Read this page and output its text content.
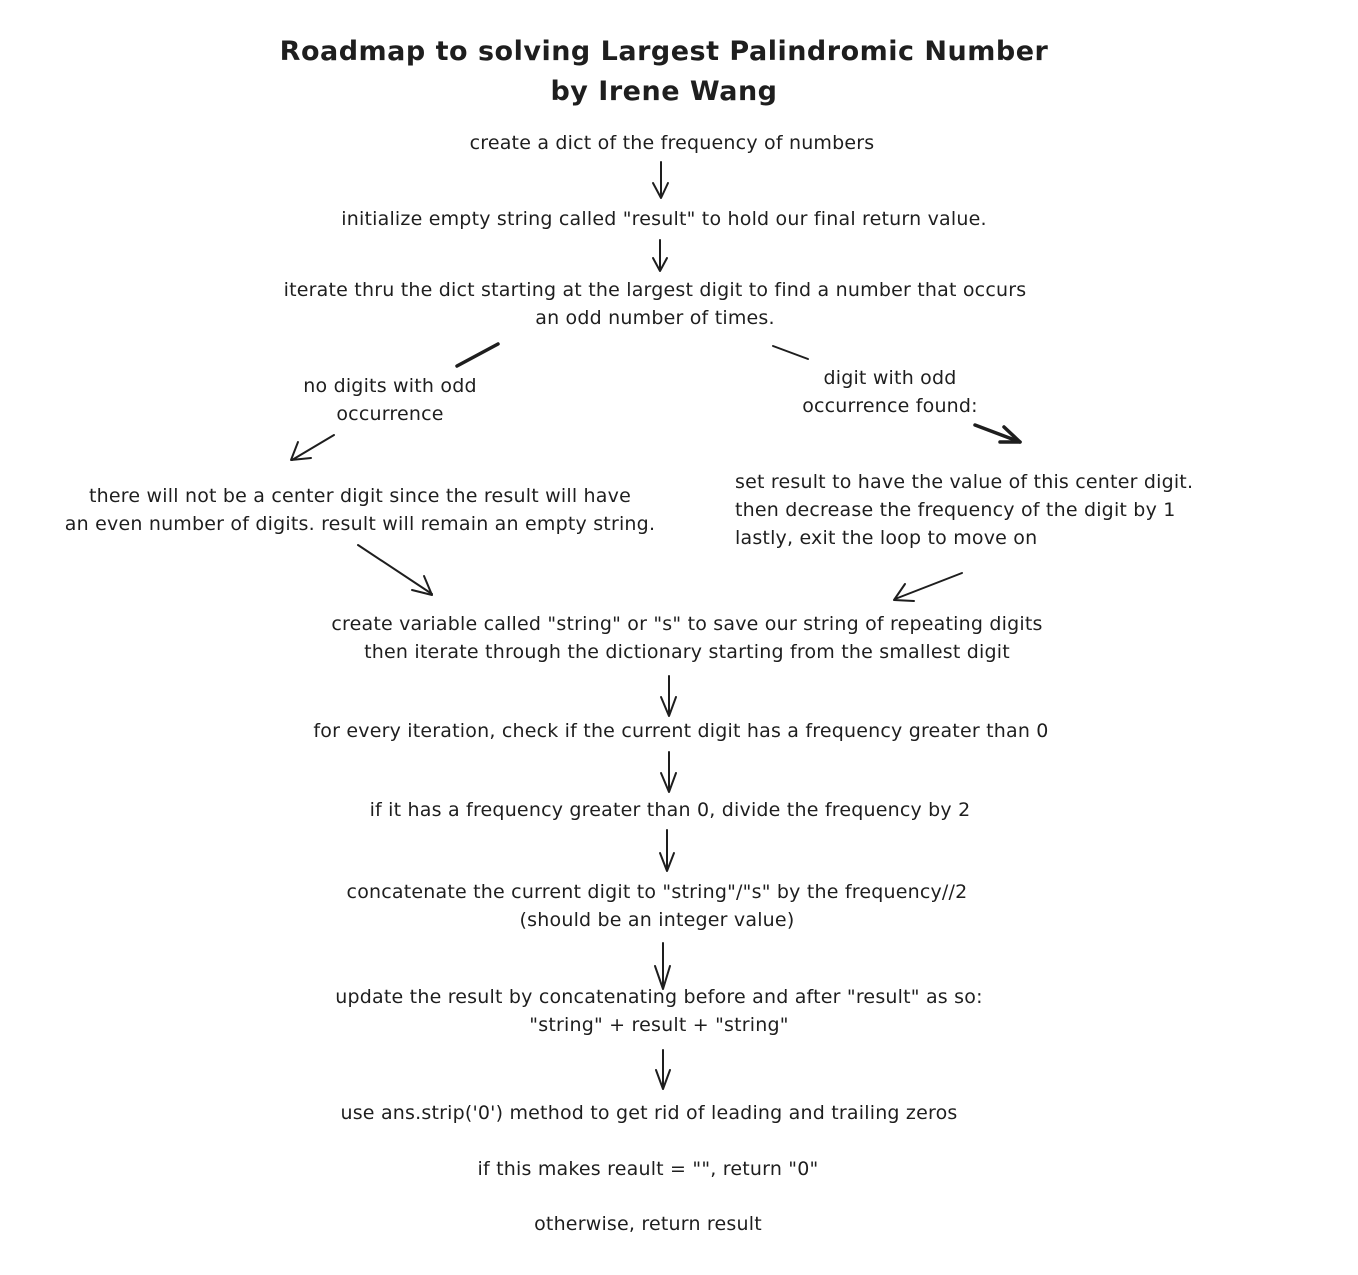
Roadmap to solving Largest Palindromic Number
by Irene Wang
create a dict of the frequency of numbers
initialize empty string called "result" to hold our final return value.
iterate thru the dict starting at the largest digit to find a number that occurs
an odd number of times.
no digits with odd
occurrence
digit with odd
occurrence found:
there will not be a center digit since the result will have
an even number of digits. result will remain an empty string.
set result to have the value of this center digit.
then decrease the frequency of the digit by 1
lastly, exit the loop to move on
create variable called "string" or "s" to save our string of repeating digits
then iterate through the dictionary starting from the smallest digit
for every iteration, check if the current digit has a frequency greater than 0
if it has a frequency greater than 0, divide the frequency by 2
concatenate the current digit to "string"/"s" by the frequency//2
(should be an integer value)
update the result by concatenating before and after "result" as so:
"string" + result + "string"
use ans.strip('0') method to get rid of leading and trailing zeros
if this makes reault = "", return "0"
otherwise, return result
